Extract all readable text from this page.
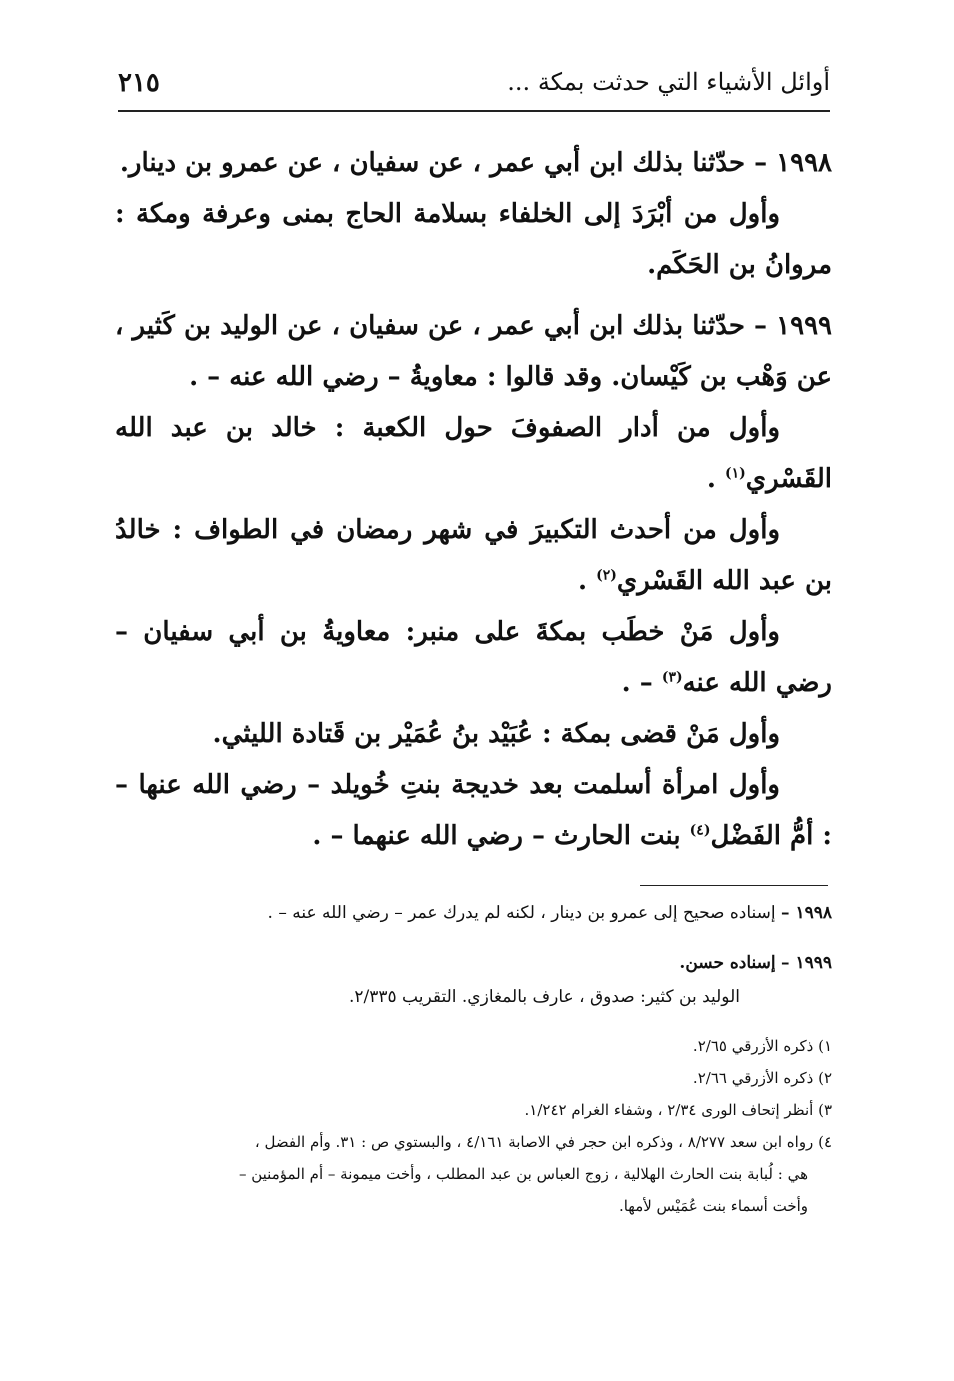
أوائل الأشياء التي حدثت بمكة ...
٢١٥

١٩٩٨ – حدّثنا بذلك ابن أبي عمر ، عن سفيان ، عن عمرو بن دينار.

وأول من أبْرَدَ إلى الخلفاء بسلامة الحاج بمنى وعرفة ومكة : مروانُ بن الحَكَم.

١٩٩٩ – حدّثنا بذلك ابن أبي عمر ، عن سفيان ، عن الوليد بن كَثير ، عن وَهْب بن كَيْسان. وقد قالوا : معاويةُ – رضي الله عنه – .

وأول من أدار الصفوفَ حول الكعبة : خالد بن عبد الله القَسْري$^{(١)}$ .

وأول من أحدث التكبيرَ في شهر رمضان في الطواف : خالدُ بن عبد الله القَسْري$^{(٢)}$ .

وأول مَنْ خطَب بمكةَ على منبر: معاويةُ بن أبي سفيان – رضي الله عنه$^{(٣)}$ – .

وأول مَنْ قضى بمكة : عُبَيْد بنُ عُمَيْر بن قَتادة الليثي.

وأول امرأة أسلمت بعد خديجة بنتِ خُويلد – رضي الله عنها – : أمُّ الفَضْل$^{(٤)}$ بنت الحارث – رضي الله عنهما – .

١٩٩٨ – إسناده صحيح إلى عمرو بن دينار ، لكنه لم يدرك عمر – رضي الله عنه – .

١٩٩٩ – إسناده حسن.

الوليد بن كثير: صدوق ، عارف بالمغازي. التقريب ٢/٣٣٥.

١) ذكره الأزرقي ٢/٦٥.

٢) ذكره الأزرقي ٢/٦٦.

٣) أنظر إتحاف الورى ٢/٣٤ ، وشفاء الغرام ١/٢٤٢.

٤) رواه ابن سعد ٨/٢٧٧ ، وذكره ابن حجر في الاصابة ٤/١٦١ ، والبستوي ص : ٣١. وأم الفضل ،

هي : لُبابة بنت الحارث الهلالية ، زوج العباس بن عبد المطلب ، وأخت ميمونة – أم المؤمنين –

وأخت أسماء بنت عُمَيْس لأمها.
